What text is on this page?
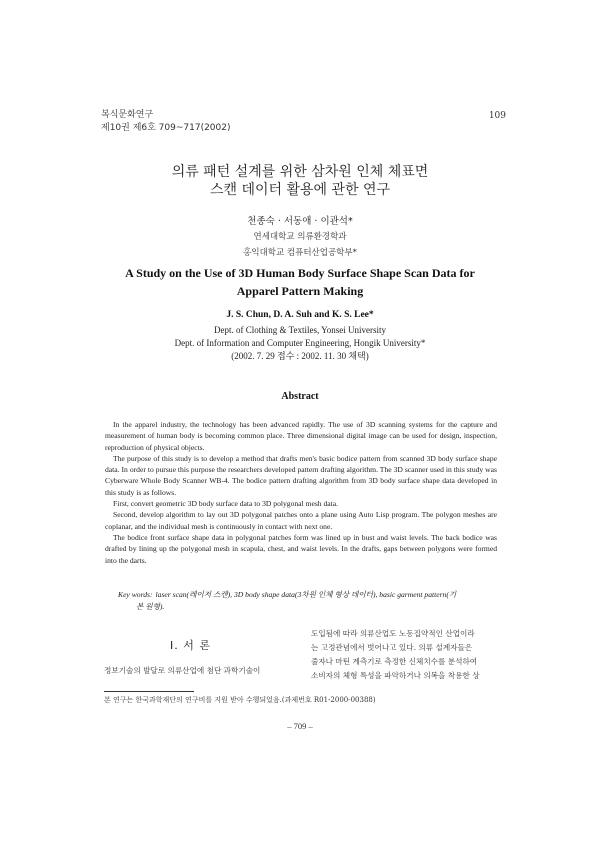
복식문화연구
제10권 제6호 709~717(2002)
109
의류 패턴 설계를 위한 삼차원 인체 체표면
스캔 데이터 활용에 관한 연구
천종숙 · 서동애 · 이관석*
연세대학교 의류환경학과
홍익대학교 컴퓨터산업공학부*
A Study on the Use of 3D Human Body Surface Shape Scan Data for
Apparel Pattern Making
J. S. Chun, D. A. Suh and K. S. Lee*
Dept. of Clothing & Textiles, Yonsei University
Dept. of Information and Computer Engineering, Hongik University*
(2002. 7. 29 접수 : 2002. 11. 30 채택)
Abstract

In the apparel industry, the technology has been advanced rapidly. The use of 3D scanning systems for the capture and measurement of human body is becoming common place. Three dimensional digital image can be used for design, inspection, reproduction of physical objects.

The purpose of this study is to develop a method that drafts men's basic bodice pattern from scanned 3D body surface shape data. In order to pursue this purpose the researchers developed pattern drafting algorithm. The 3D scanner used in this study was Cyberware Whole Body Scanner WB-4. The bodice pattern drafting algorithm from 3D body surface shape data developed in this study is as follows.

First, convert geometric 3D body surface data to 3D polygonal mesh data.

Second, develop algorithm to lay out 3D polygonal patches onto a plane using Auto Lisp program. The polygon meshes are coplanar, and the individual mesh is continuously in contact with next one.

The bodice front surface shape data in polygonal patches form was lined up in bust and waist levels. The back bodice was drafted by lining up the polygonal mesh in scapula, chest, and waist levels. In the drafts, gaps between polygons were formed into the darts.

Key words: laser scan(레이저 스캔), 3D body shape data(3차원 인체 형상 데이터), basic garment pattern(기
본 원형).
Ⅰ. 서 론
정보기술의 발달로 의류산업에 첨단 과학기술이
도입됨에 따라 의류산업도 노동집약적인 산업이라
는 고정관념에서 벗어나고 있다. 의류 설계자들은
줄자나 마틴 계측기로 측정한 신체치수를 분석하여
소비자의 체형 특성을 파악하거나 의복을 착용한 상
본 연구는 한국과학재단의 연구비를 지원 받아 수행되었음.(과제번호 R01-2000-00388)
– 709 –
